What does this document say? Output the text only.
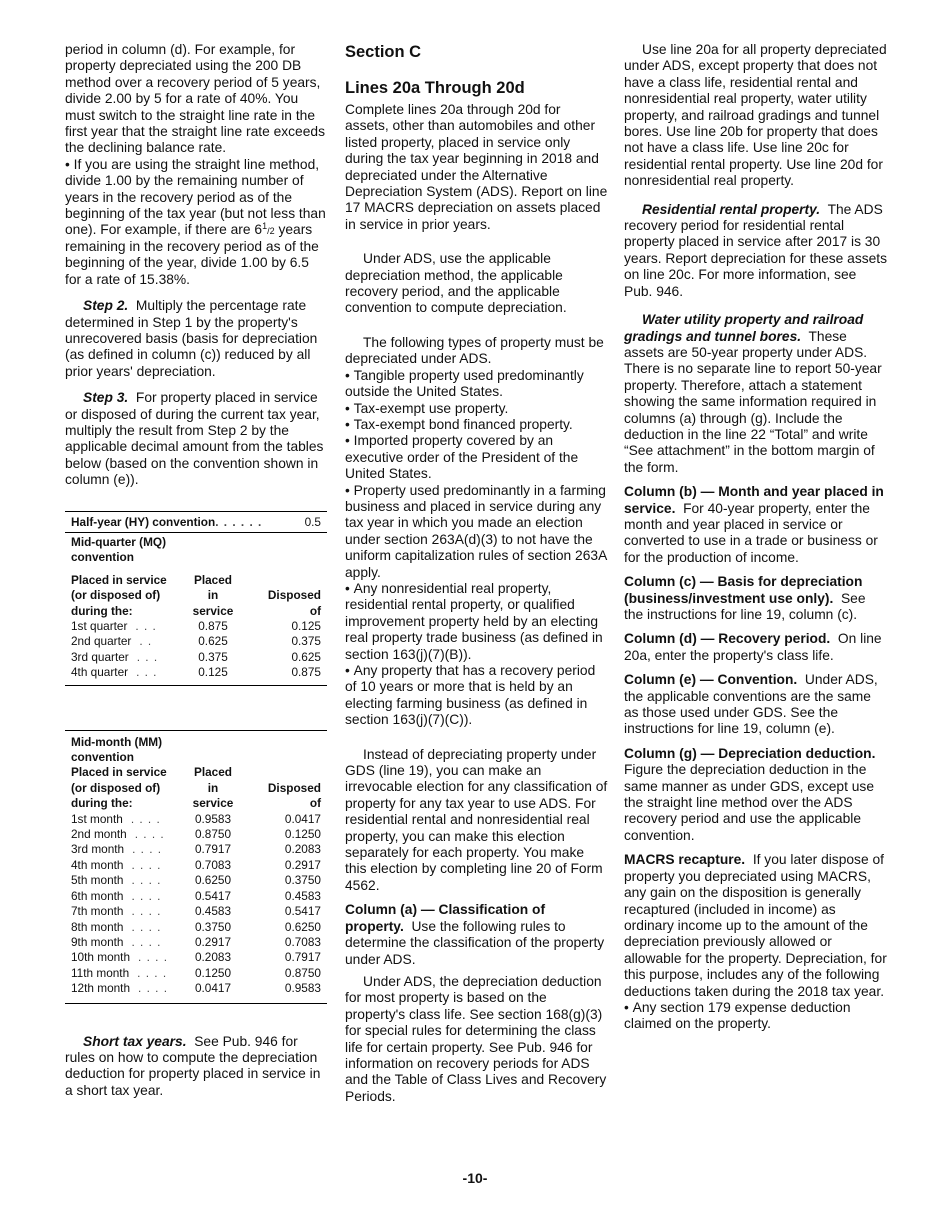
period in column (d). For example, for property depreciated using the 200 DB method over a recovery period of 5 years, divide 2.00 by 5 for a rate of 40%. You must switch to the straight line rate in the first year that the straight line rate exceeds the declining balance rate.

• If you are using the straight line method, divide 1.00 by the remaining number of years in the recovery period as of the beginning of the tax year (but not less than one). For example, if there are $6^1/2$ years remaining in the recovery period as of the beginning of the year, divide 1.00 by 6.5 for a rate of 15.38%.

Step 2. Multiply the percentage rate determined in Step 1 by the property's unrecovered basis (basis for depreciation (as defined in column (c)) reduced by all prior years' depreciation.

Step 3. For property placed in service or disposed of during the current tax year, multiply the result from Step 2 by the applicable decimal amount from the tables below (based on the convention shown in column (e)).

Half-year (HY) convention. . . . . .	0.5
Mid-quarter (MQ)
convention
Placed in service	Placed
(or disposed of)	in	Disposed
during the:	service	of
1st quarter . . .	0.875	0.125
2nd quarter . .	0.625	0.375
3rd quarter . . .	0.375	0.625
4th quarter . . .	0.125	0.875
Mid-month (MM)
convention
Placed in service	Placed
(or disposed of)	in	Disposed
during the:	service	of
1st month . . . .	0.9583	0.0417
2nd month . . . .	0.8750	0.1250
3rd month . . . .	0.7917	0.2083
4th month . . . .	0.7083	0.2917
5th month . . . .	0.6250	0.3750
6th month . . . .	0.5417	0.4583
7th month . . . .	0.4583	0.5417
8th month . . . .	0.3750	0.6250
9th month . . . .	0.2917	0.7083
10th month . . . .	0.2083	0.7917
11th month . . . .	0.1250	0.8750
12th month . . . .	0.0417	0.9583

Short tax years. See Pub. 946 for rules on how to compute the depreciation deduction for property placed in service in a short tax year.

Section C
Lines 20a Through 20d

Complete lines 20a through 20d for assets, other than automobiles and other listed property, placed in service only during the tax year beginning in 2018 and depreciated under the Alternative Depreciation System (ADS). Report on line 17 MACRS depreciation on assets placed in service in prior years.

Under ADS, use the applicable depreciation method, the applicable recovery period, and the applicable convention to compute depreciation.

The following types of property must be depreciated under ADS.

• Tangible property used predominantly outside the United States.

• Tax-exempt use property.

• Tax-exempt bond financed property.

• Imported property covered by an executive order of the President of the United States.

• Property used predominantly in a farming business and placed in service during any tax year in which you made an election under section 263A(d)(3) to not have the uniform capitalization rules of section 263A apply.

• Any nonresidential real property, residential rental property, or qualified improvement property held by an electing real property trade business (as defined in section 163(j)(7)(B)).

• Any property that has a recovery period of 10 years or more that is held by an electing farming business (as defined in section 163(j)(7)(C)).

Instead of depreciating property under GDS (line 19), you can make an irrevocable election for any classification of property for any tax year to use ADS. For residential rental and nonresidential real property, you can make this election separately for each property. You make this election by completing line 20 of Form 4562.

Column (a) — Classification of property. Use the following rules to determine the classification of the property under ADS.

Under ADS, the depreciation deduction for most property is based on the property's class life. See section 168(g)(3) for special rules for determining the class life for certain property. See Pub. 946 for information on recovery periods for ADS and the Table of Class Lives and Recovery Periods.

Use line 20a for all property depreciated under ADS, except property that does not have a class life, residential rental and nonresidential real property, water utility property, and railroad gradings and tunnel bores. Use line 20b for property that does not have a class life. Use line 20c for residential rental property. Use line 20d for nonresidential real property.

Residential rental property. The ADS recovery period for residential rental property placed in service after 2017 is 30 years. Report depreciation for these assets on line 20c. For more information, see Pub. 946.

Water utility property and railroad gradings and tunnel bores. These assets are 50-year property under ADS. There is no separate line to report 50-year property. Therefore, attach a statement showing the same information required in columns (a) through (g). Include the deduction in the line 22 “Total” and write “See attachment” in the bottom margin of the form.

Column (b) — Month and year placed in service. For 40-year property, enter the month and year placed in service or converted to use in a trade or business or for the production of income.

Column (c) — Basis for depreciation (business/investment use only). See the instructions for line 19, column (c).

Column (d) — Recovery period. On line 20a, enter the property's class life.

Column (e) — Convention. Under ADS, the applicable conventions are the same as those used under GDS. See the instructions for line 19, column (e).

Column (g) — Depreciation deduction.  Figure the depreciation deduction in the same manner as under GDS, except use the straight line method over the ADS recovery period and use the applicable convention.

MACRS recapture. If you later dispose of property you depreciated using MACRS, any gain on the disposition is generally recaptured (included in income) as ordinary income up to the amount of the depreciation previously allowed or allowable for the property. Depreciation, for this purpose, includes any of the following deductions taken during the 2018 tax year.

• Any section 179 expense deduction claimed on the property.

-10-
